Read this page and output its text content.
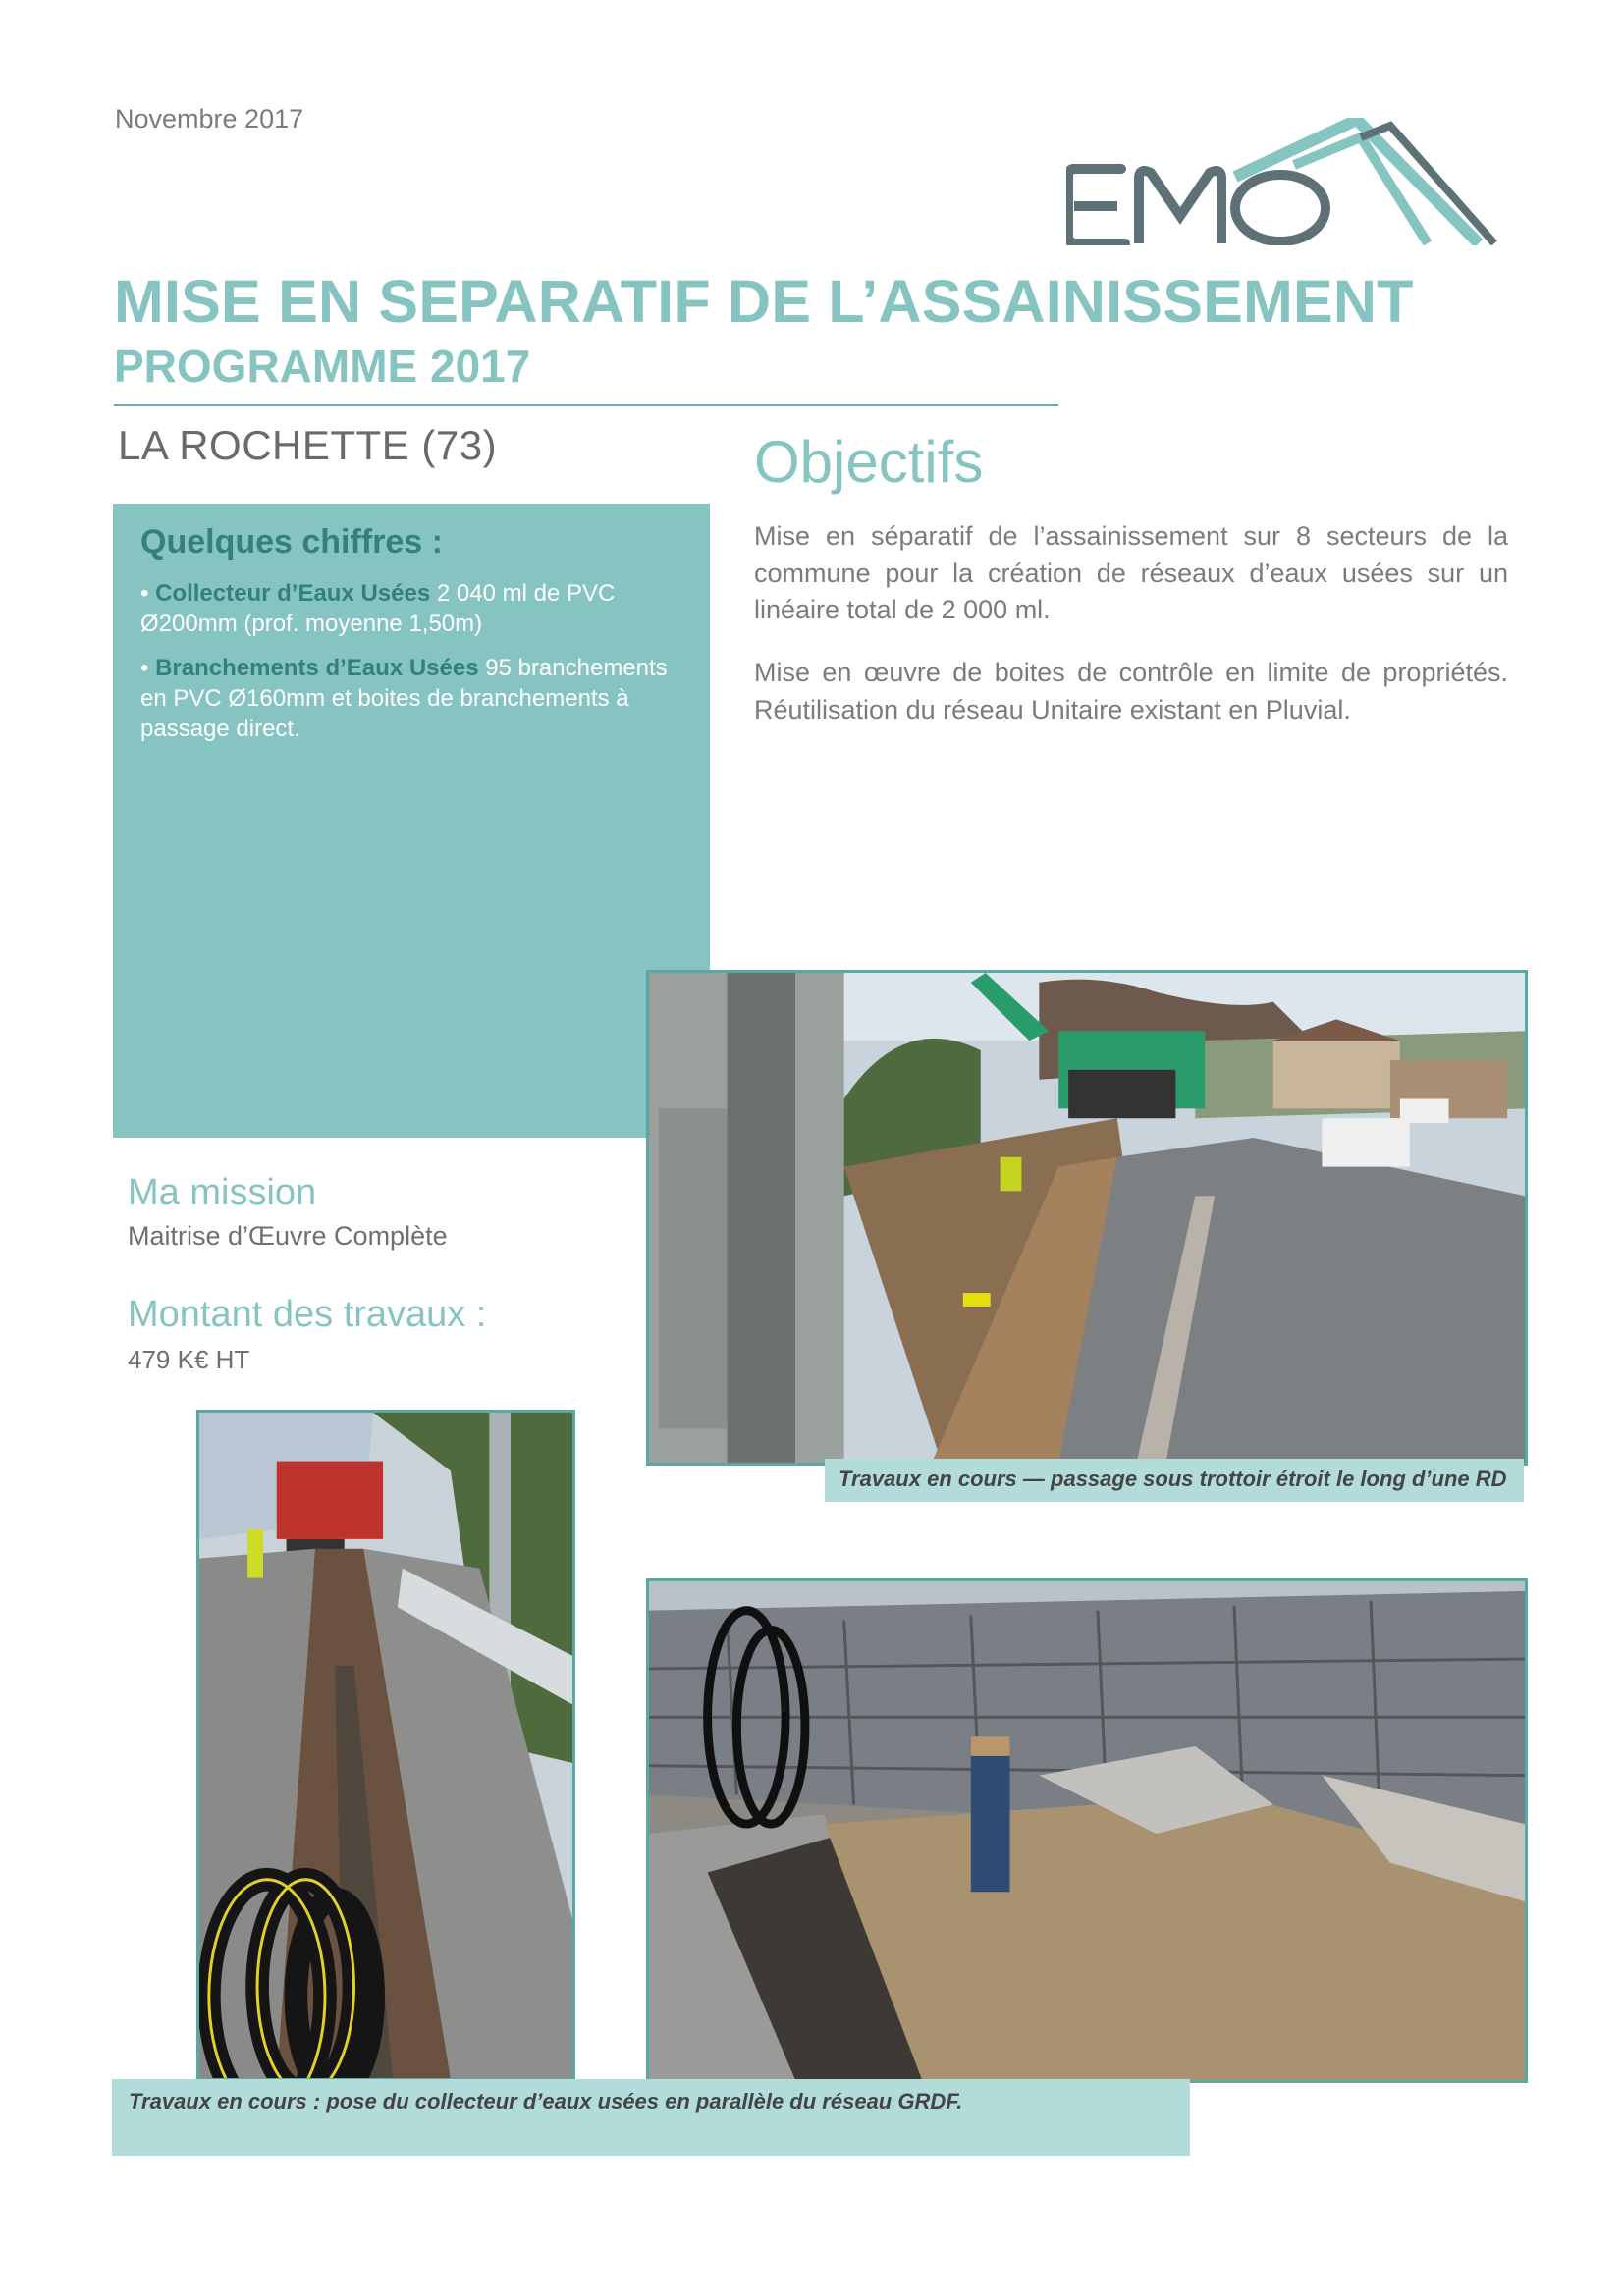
Novembre 2017
MISE EN SEPARATIF DE L’ASSAINISSEMENT
PROGRAMME 2017
LA ROCHETTE (73)
Quelques chiffres :
• Collecteur d’Eaux Usées 2 040 ml de PVC Ø200mm (prof. moyenne 1,50m)
• Branchements d’Eaux Usées 95 branchements en PVC Ø160mm et boites de branchements à passage direct.
Objectifs
Mise en séparatif de l’assainissement sur 8 secteurs de la commune pour la création de réseaux d’eaux usées sur un linéaire total de 2 000 ml.
Mise en œuvre de boites de contrôle en limite de propriétés. Réutilisation du réseau Unitaire existant en Pluvial.
Ma mission
Maitrise d’Œuvre Complète
Montant des travaux :
479 K€ HT
Travaux en cours — passage sous trottoir étroit le long d’une RD
Travaux en cours : pose du collecteur d’eaux usées en parallèle du réseau GRDF.
